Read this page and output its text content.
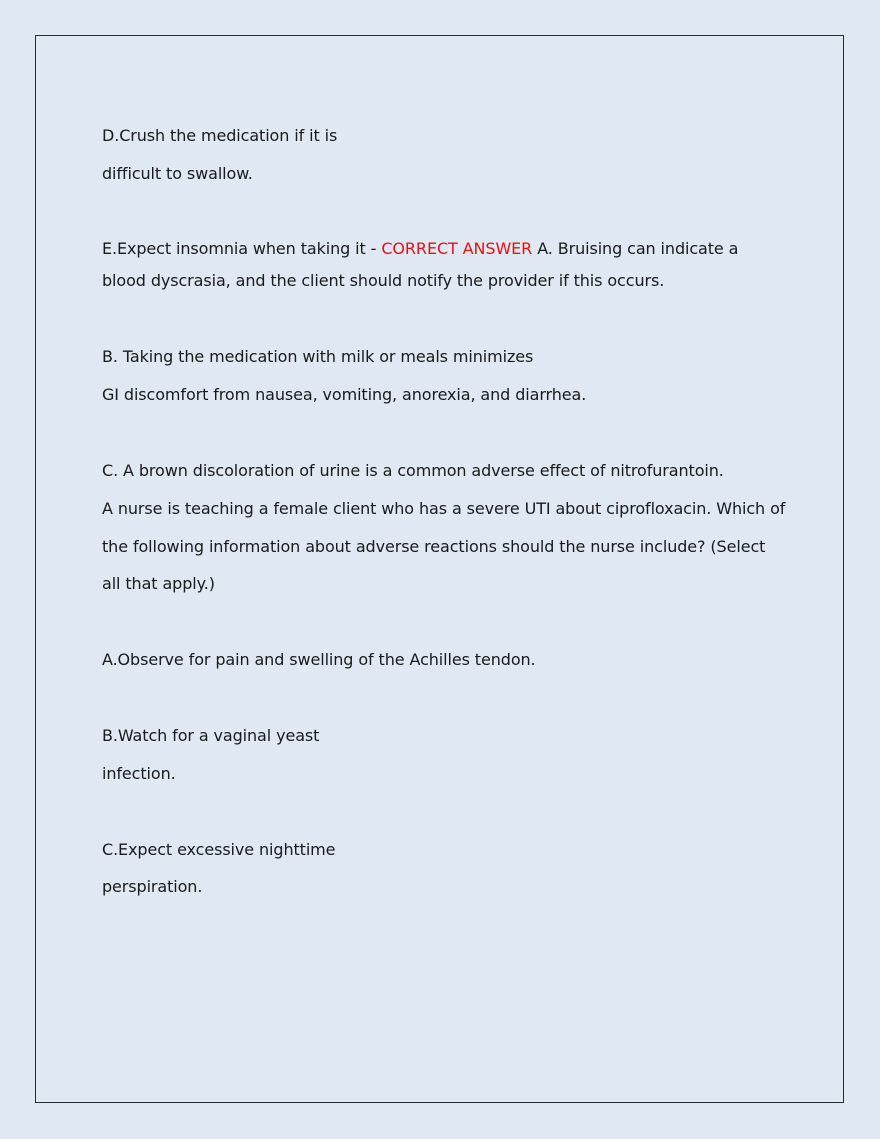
D.Crush the medication if it is
difficult to swallow.
E.Expect insomnia when taking it - CORRECT ANSWER A. Bruising can indicate a
blood dyscrasia, and the client should notify the provider if this occurs.
B. Taking the medication with milk or meals minimizes
GI discomfort from nausea, vomiting, anorexia, and diarrhea.
C. A brown discoloration of urine is a common adverse effect of nitrofurantoin.
A nurse is teaching a female client who has a severe UTI about ciprofloxacin. Which of
the following information about adverse reactions should the nurse include? (Select
all that apply.)
A.Observe for pain and swelling of the Achilles tendon.
B.Watch for a vaginal yeast
infection.
C.Expect excessive nighttime
perspiration.
